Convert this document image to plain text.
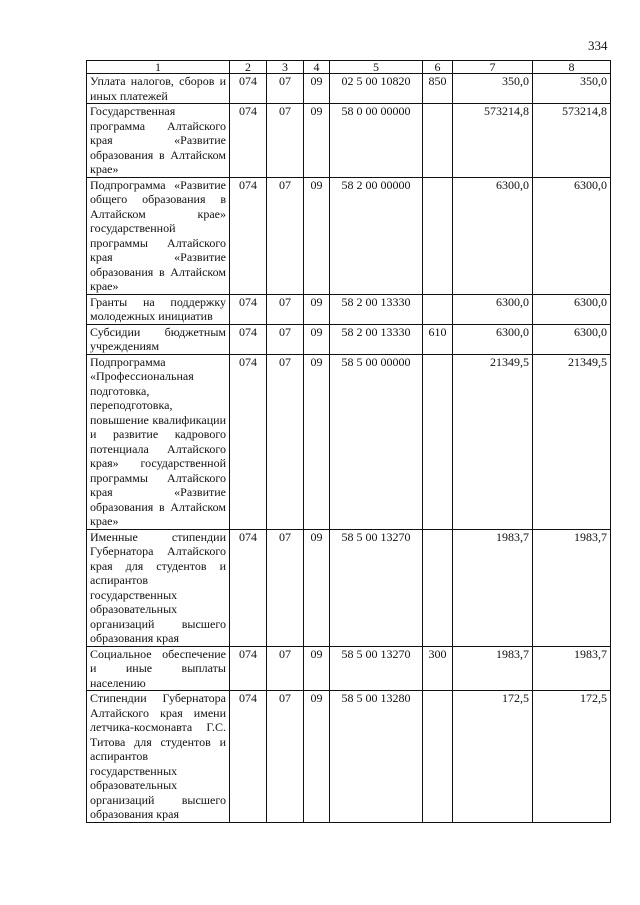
334
1	2	3	4	5	6	7	8
Уплата налогов, сборов и иных платежей	074	07	09	02 5 00 10820	850	350,0	350,0
Государственная программа Алтайского края «Развитие образования в Алтайском крае»	074	07	09	58 0 00 00000		573214,8	573214,8
Подпрограмма «Развитие общего образования в Алтайском крае» государственной программы Алтайского края «Развитие образования в Алтайском крае»	074	07	09	58 2 00 00000		6300,0	6300,0
Гранты на поддержку молодежных инициатив	074	07	09	58 2 00 13330		6300,0	6300,0
Субсидии бюджетным учреждениям	074	07	09	58 2 00 13330	610	6300,0	6300,0
Подпрограмма «Профессиональная подготовка, переподготовка, повышение квалификации и развитие кадрового потенциала Алтайского края» государственной программы Алтайского края «Развитие образования в Алтайском крае»	074	07	09	58 5 00 00000		21349,5	21349,5
Именные стипендии Губернатора Алтайского края для студентов и аспирантов государственных образовательных организаций высшего образования края	074	07	09	58 5 00 13270		1983,7	1983,7
Социальное обеспечение и иные выплаты населению	074	07	09	58 5 00 13270	300	1983,7	1983,7
Стипендии Губернатора Алтайского края имени летчика-космонавта Г.С. Титова для студентов и аспирантов государственных образовательных организаций высшего образования края	074	07	09	58 5 00 13280		172,5	172,5
